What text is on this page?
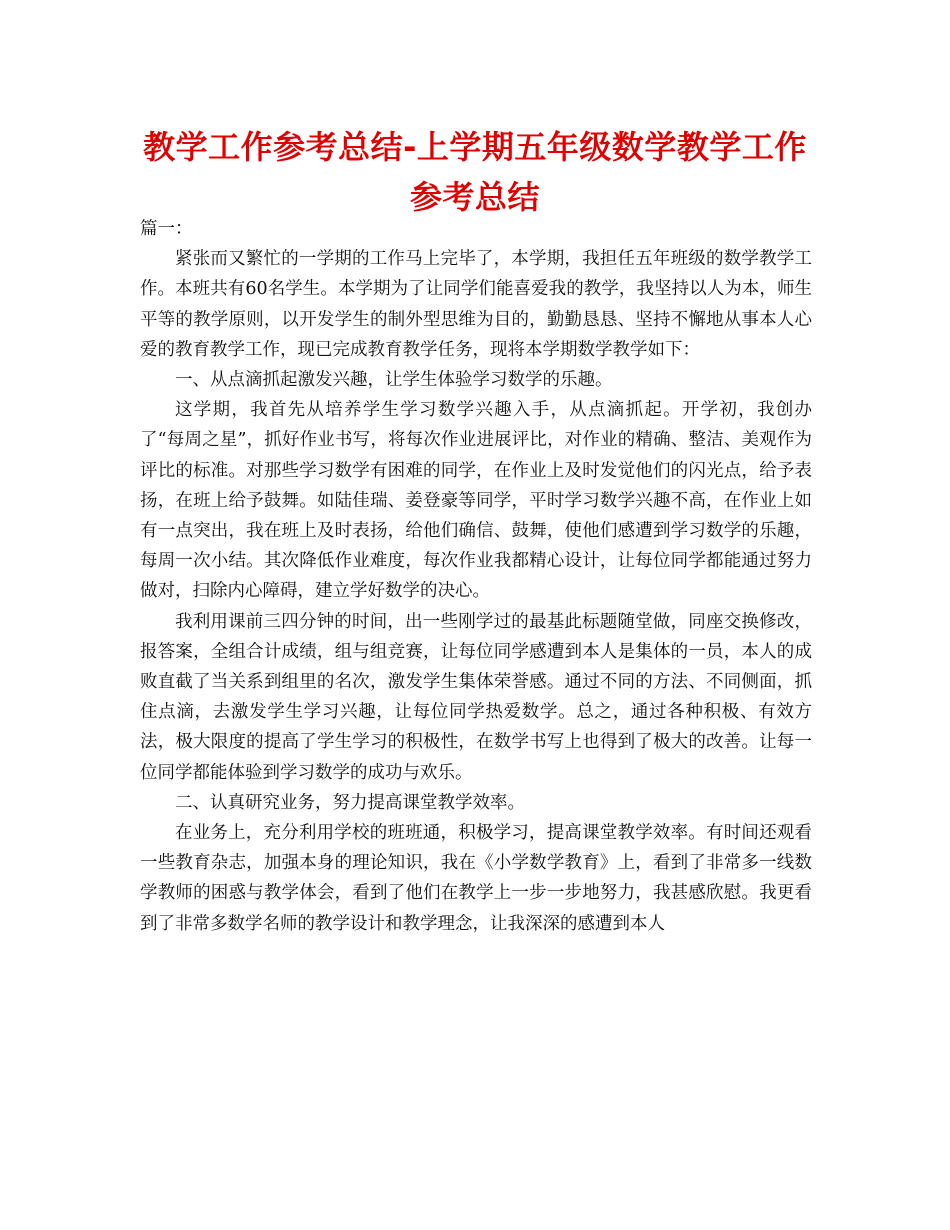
教学工作参考总结-上学期五年级数学教学工作参考总结

篇一：

紧张而又繁忙的一学期的工作马上完毕了，本学期，我担任五年班级的数学教学工作。本班共有60名学生。本学期为了让同学们能喜爱我的教学，我坚持以人为本，师生平等的教学原则，以开发学生的制外型思维为目的，勤勤恳恳、坚持不懈地从事本人心爱的教育教学工作，现已完成教育教学任务，现将本学期数学教学如下：

一、从点滴抓起激发兴趣，让学生体验学习数学的乐趣。

这学期，我首先从培养学生学习数学兴趣入手，从点滴抓起。开学初，我创办了“每周之星”，抓好作业书写，将每次作业进展评比，对作业的精确、整洁、美观作为评比的标准。对那些学习数学有困难的同学，在作业上及时发觉他们的闪光点，给予表扬，在班上给予鼓舞。如陆佳瑞、姜登豪等同学，平时学习数学兴趣不高，在作业上如有一点突出，我在班上及时表扬，给他们确信、鼓舞，使他们感遭到学习数学的乐趣，每周一次小结。其次降低作业难度，每次作业我都精心设计，让每位同学都能通过努力做对，扫除内心障碍，建立学好数学的决心。

我利用课前三四分钟的时间，出一些刚学过的最基此标题随堂做，同座交换修改，报答案，全组合计成绩，组与组竞赛，让每位同学感遭到本人是集体的一员，本人的成败直截了当关系到组里的名次，激发学生集体荣誉感。通过不同的方法、不同侧面，抓住点滴，去激发学生学习兴趣，让每位同学热爱数学。总之，通过各种积极、有效方法，极大限度的提高了学生学习的积极性，在数学书写上也得到了极大的改善。让每一位同学都能体验到学习数学的成功与欢乐。

二、认真研究业务，努力提高课堂教学效率。

在业务上，充分利用学校的班班通，积极学习，提高课堂教学效率。有时间还观看一些教育杂志，加强本身的理论知识，我在《小学数学教育》上，看到了非常多一线数学教师的困惑与教学体会，看到了他们在教学上一步一步地努力，我甚感欣慰。我更看到了非常多数学名师的教学设计和教学理念，让我深深的感遭到本人
